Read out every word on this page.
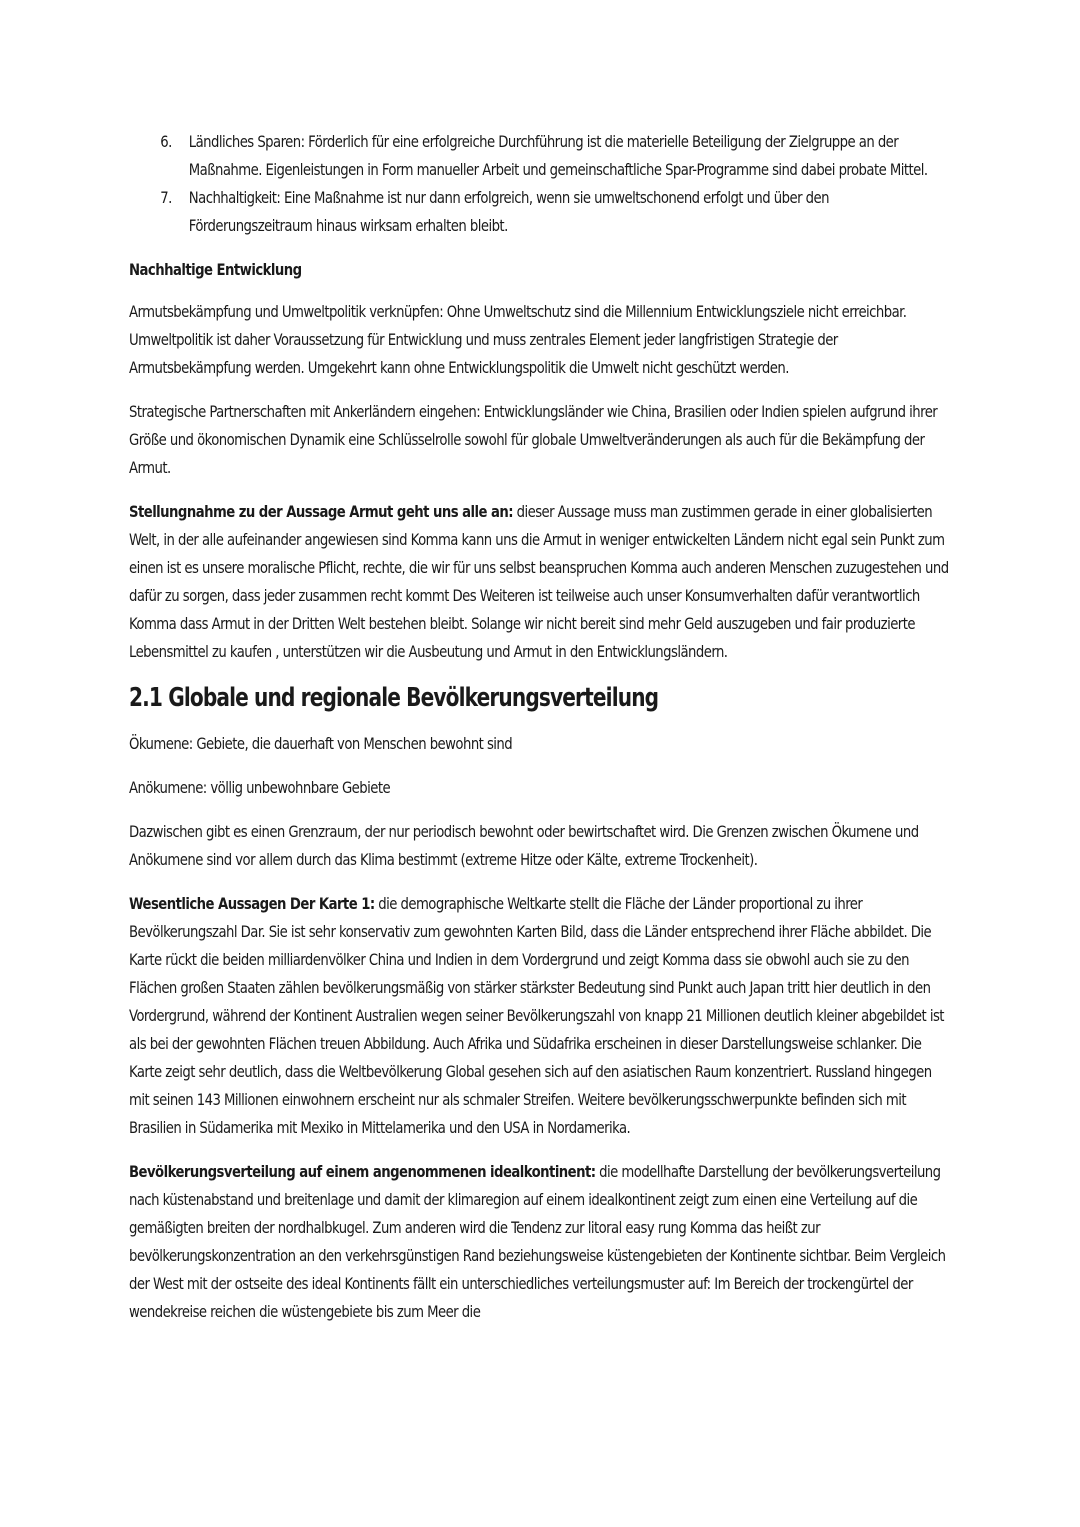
6. Ländliches Sparen: Förderlich für eine erfolgreiche Durchführung ist die materielle Beteiligung der Zielgruppe an der Maßnahme. Eigenleistungen in Form manueller Arbeit und gemeinschaftliche Spar-Programme sind dabei probate Mittel.
7. Nachhaltigkeit: Eine Maßnahme ist nur dann erfolgreich, wenn sie umweltschonend erfolgt und über den Förderungszeitraum hinaus wirksam erhalten bleibt.
Nachhaltige Entwicklung

Armutsbekämpfung und Umweltpolitik verknüpfen: Ohne Umweltschutz sind die Millennium Entwicklungsziele nicht erreichbar. Umweltpolitik ist daher Voraussetzung für Entwicklung und muss zentrales Element jeder langfristigen Strategie der Armutsbekämpfung werden. Umgekehrt kann ohne Entwicklungspolitik die Umwelt nicht geschützt werden.

Strategische Partnerschaften mit Ankerländern eingehen: Entwicklungsländer wie China, Brasilien oder Indien spielen aufgrund ihrer Größe und ökonomischen Dynamik eine Schlüsselrolle sowohl für globale Umweltveränderungen als auch für die Bekämpfung der Armut.

Stellungnahme zu der Aussage Armut geht uns alle an: dieser Aussage muss man zustimmen gerade in einer globalisierten Welt, in der alle aufeinander angewiesen sind Komma kann uns die Armut in weniger entwickelten Ländern nicht egal sein Punkt zum einen ist es unsere moralische Pflicht, rechte, die wir für uns selbst beanspruchen Komma auch anderen Menschen zuzugestehen und dafür zu sorgen, dass jeder zusammen recht kommt Des Weiteren ist teilweise auch unser Konsumverhalten dafür verantwortlich Komma dass Armut in der Dritten Welt bestehen bleibt. Solange wir nicht bereit sind mehr Geld auszugeben und fair produzierte Lebensmittel zu kaufen , unterstützen wir die Ausbeutung und Armut in den Entwicklungsländern.

2.1 Globale und regionale Bevölkerungsverteilung

Ökumene: Gebiete, die dauerhaft von Menschen bewohnt sind

Anökumene: völlig unbewohnbare Gebiete

Dazwischen gibt es einen Grenzraum, der nur periodisch bewohnt oder bewirtschaftet wird. Die Grenzen zwischen Ökumene und Anökumene sind vor allem durch das Klima bestimmt (extreme Hitze oder Kälte, extreme Trockenheit).

Wesentliche Aussagen Der Karte 1: die demographische Weltkarte stellt die Fläche der Länder proportional zu ihrer Bevölkerungszahl Dar. Sie ist sehr konservativ zum gewohnten Karten Bild, dass die Länder entsprechend ihrer Fläche abbildet. Die Karte rückt die beiden milliardenvölker China und Indien in dem Vordergrund und zeigt Komma dass sie obwohl auch sie zu den Flächen großen Staaten zählen bevölkerungsmäßig von stärker stärkster Bedeutung sind Punkt auch Japan tritt hier deutlich in den Vordergrund, während der Kontinent Australien wegen seiner Bevölkerungszahl von knapp 21 Millionen deutlich kleiner abgebildet ist als bei der gewohnten Flächen treuen Abbildung. Auch Afrika und Südafrika erscheinen in dieser Darstellungsweise schlanker. Die Karte zeigt sehr deutlich, dass die Weltbevölkerung Global gesehen sich auf den asiatischen Raum konzentriert. Russland hingegen mit seinen 143 Millionen einwohnern erscheint nur als schmaler Streifen. Weitere bevölkerungsschwerpunkte befinden sich mit Brasilien in Südamerika mit Mexiko in Mittelamerika und den USA in Nordamerika.

Bevölkerungsverteilung auf einem angenommenen idealkontinent: die modellhafte Darstellung der bevölkerungsverteilung nach küstenabstand und breitenlage und damit der klimaregion auf einem idealkontinent zeigt zum einen eine Verteilung auf die gemäßigten breiten der nordhalbkugel. Zum anderen wird die Tendenz zur litoral easy rung Komma das heißt zur bevölkerungskonzentration an den verkehrsgünstigen Rand beziehungsweise küstengebieten der Kontinente sichtbar. Beim Vergleich der West mit der ostseite des ideal Kontinents fällt ein unterschiedliches verteilungsmuster auf: Im Bereich der trockengürtel der wendekreise reichen die wüstengebiete bis zum Meer die
